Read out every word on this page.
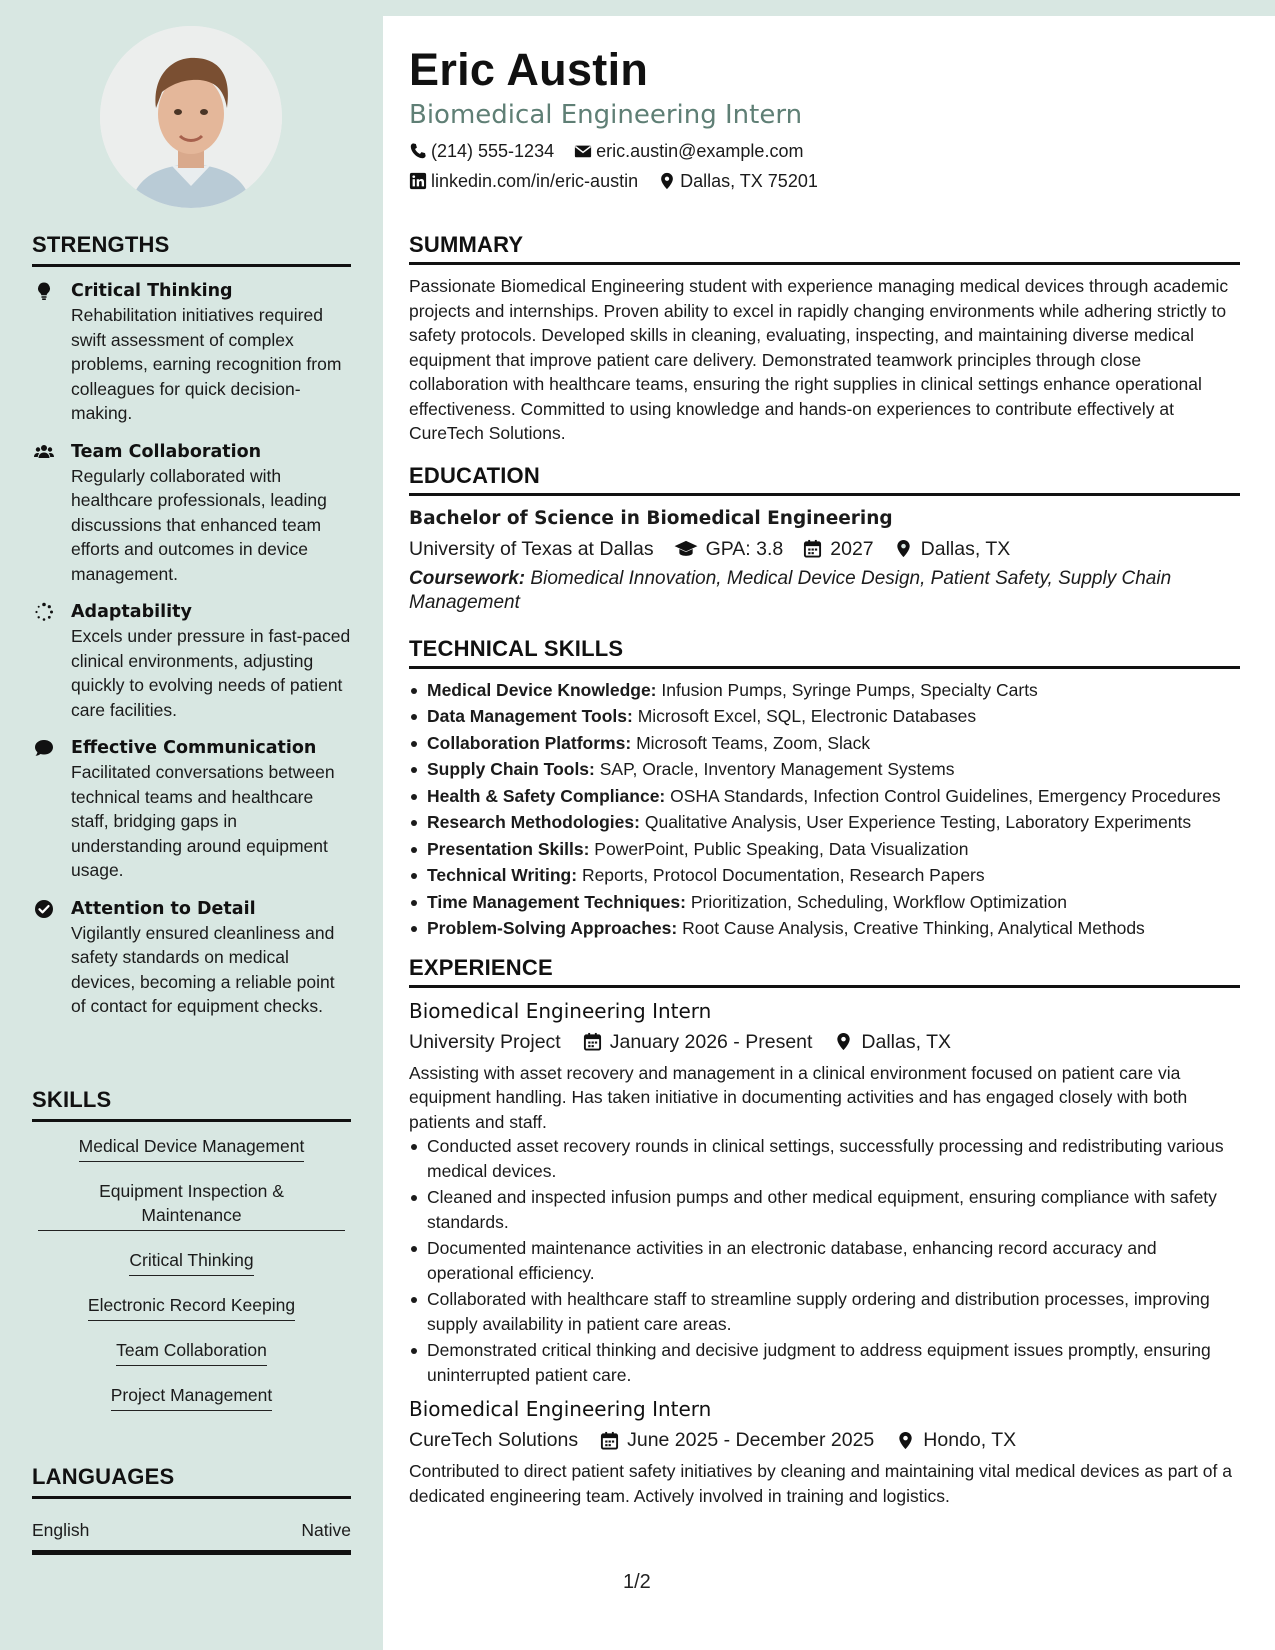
STRENGTHS
Critical Thinking
Rehabilitation initiatives required swift assessment of complex problems, earning recognition from colleagues for quick decision-making.
Team Collaboration
Regularly collaborated with healthcare professionals, leading discussions that enhanced team efforts and outcomes in device management.
Adaptability
Excels under pressure in fast-paced clinical environments, adjusting quickly to evolving needs of patient care facilities.
Effective Communication
Facilitated conversations between technical teams and healthcare staff, bridging gaps in understanding around equipment usage.
Attention to Detail
Vigilantly ensured cleanliness and safety standards on medical devices, becoming a reliable point of contact for equipment checks.
SKILLS
Medical Device Management
Equipment Inspection & Maintenance
Critical Thinking
Electronic Record Keeping
Team Collaboration
Project Management
LANGUAGES
English	Native
Eric Austin
Biomedical Engineering Intern
(214) 555-1234 eric.austin@example.com
linkedin.com/in/eric-austin Dallas, TX 75201
SUMMARY
Passionate Biomedical Engineering student with experience managing medical devices through academic projects and internships. Proven ability to excel in rapidly changing environments while adhering strictly to safety protocols. Developed skills in cleaning, evaluating, inspecting, and maintaining diverse medical equipment that improve patient care delivery. Demonstrated teamwork principles through close collaboration with healthcare teams, ensuring the right supplies in clinical settings enhance operational effectiveness. Committed to using knowledge and hands-on experiences to contribute effectively at CureTech Solutions.
EDUCATION
Bachelor of Science in Biomedical Engineering
University of Texas at Dallas	GPA: 3.8 2027 Dallas, TX
Coursework: Biomedical Innovation, Medical Device Design, Patient Safety, Supply Chain Management
TECHNICAL SKILLS
Medical Device Knowledge: Infusion Pumps, Syringe Pumps, Specialty Carts
Data Management Tools: Microsoft Excel, SQL, Electronic Databases
Collaboration Platforms: Microsoft Teams, Zoom, Slack
Supply Chain Tools: SAP, Oracle, Inventory Management Systems
Health & Safety Compliance: OSHA Standards, Infection Control Guidelines, Emergency Procedures
Research Methodologies: Qualitative Analysis, User Experience Testing, Laboratory Experiments
Presentation Skills: PowerPoint, Public Speaking, Data Visualization
Technical Writing: Reports, Protocol Documentation, Research Papers
Time Management Techniques: Prioritization, Scheduling, Workflow Optimization
Problem-Solving Approaches: Root Cause Analysis, Creative Thinking, Analytical Methods
EXPERIENCE
Biomedical Engineering Intern
University Project	January 2026 - Present	Dallas, TX
Assisting with asset recovery and management in a clinical environment focused on patient care via equipment handling. Has taken initiative in documenting activities and has engaged closely with both patients and staff.
Conducted asset recovery rounds in clinical settings, successfully processing and redistributing various medical devices.
Cleaned and inspected infusion pumps and other medical equipment, ensuring compliance with safety standards.
Documented maintenance activities in an electronic database, enhancing record accuracy and operational efficiency.
Collaborated with healthcare staff to streamline supply ordering and distribution processes, improving supply availability in patient care areas.
Demonstrated critical thinking and decisive judgment to address equipment issues promptly, ensuring uninterrupted patient care.
Biomedical Engineering Intern
CureTech Solutions	June 2025 - December 2025	Hondo, TX
Contributed to direct patient safety initiatives by cleaning and maintaining vital medical devices as part of a dedicated engineering team. Actively involved in training and logistics.
1/2
